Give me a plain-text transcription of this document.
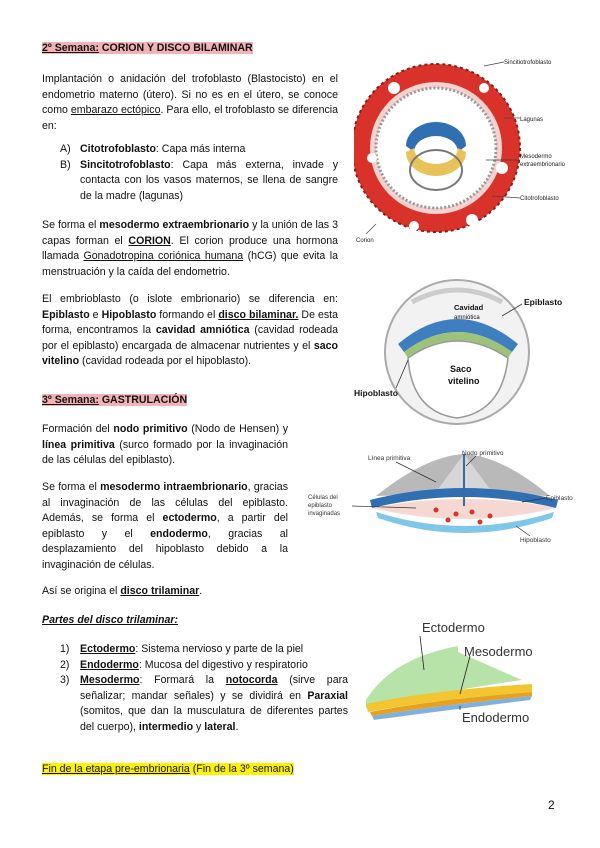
2º Semana: CORION Y DISCO BILAMINAR
Implantación o anidación del trofoblasto (Blastocisto) en el endometrio materno (útero). Si no es en el útero, se conoce como embarazo ectópico. Para ello, el trofoblasto se diferencia en:
A) Citotrofoblasto: Capa más interna
B) Sincitotrofoblasto: Capa más externa, invade y contacta con los vasos maternos, se llena de sangre de la madre (lagunas)
Se forma el mesodermo extraembrionario y la unión de las 3 capas forman el CORION. El corion produce una hormona llamada Gonadotropina coriónica humana (hCG) que evita la menstruación y la caída del endometrio.
El embrioblasto (o islote embrionario) se diferencia en: Epiblasto e Hipoblasto formando el disco bilaminar. De esta forma, encontramos la cavidad amniótica (cavidad rodeada por el epiblasto) encargada de almacenar nutrientes y el saco vitelino (cavidad rodeada por el hipoblasto).
3º Semana: GASTRULACIÓN
Formación del nodo primitivo (Nodo de Hensen) y línea primitiva (surco formado por la invaginación de las células del epiblasto).
Se forma el mesodermo intraembrionario, gracias al invaginación de las células del epiblasto. Además, se forma el ectodermo, a partir del epiblasto y el endodermo, gracias al desplazamiento del hipoblasto debido a la invaginación de células.
Así se origina el disco trilaminar.
Partes del disco trilaminar:
1) Ectodermo: Sistema nervioso y parte de la piel
2) Endodermo: Mucosa del digestivo y respiratorio
3) Mesodermo: Formará la notocorda (sirve para señalizar; mandar señales) y se dividirá en Paraxial (somitos, que dan la musculatura de diferentes partes del cuerpo), intermedio y lateral.
Fin de la etapa pre-embrionaria (Fin de la 3º semana)
2
Sincitiotrofoblasto
Lagunas
Mesodermo
extraembrionario
Citotrofoblasto
Corion
Cavidad
amniótica
Epiblasto
Saco
vitelino
Hipoblasto
Línea primitiva
Nodo primitivo
Células del
epiblasto
invaginadas
Epiblasto
Hipoblasto
Ectodermo
Mesodermo
Endodermo
